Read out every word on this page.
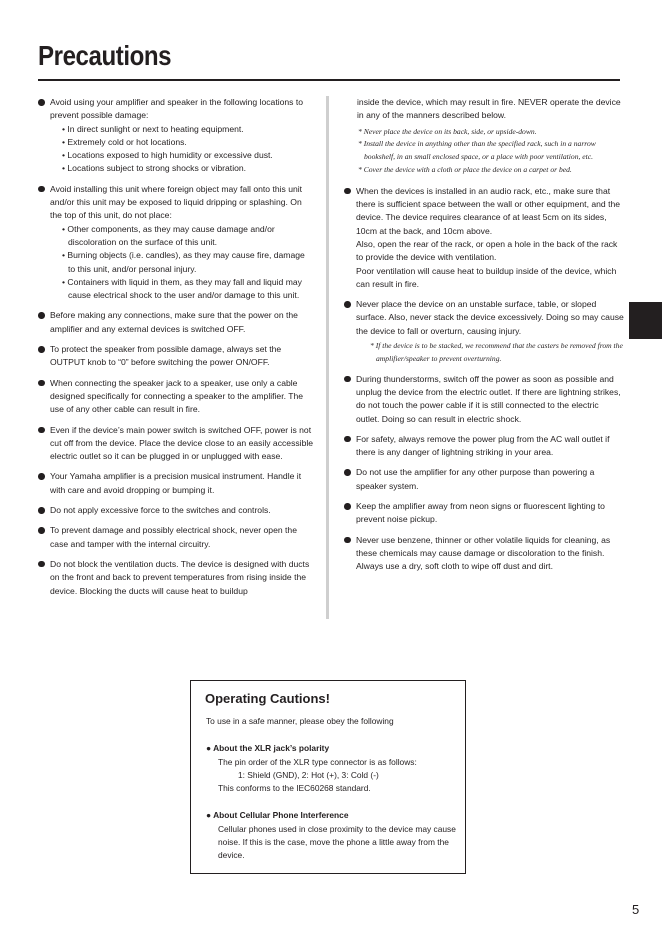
Precautions
Avoid using your amplifier and speaker in the following locations to prevent possible damage:
• In direct sunlight or next to heating equipment.
• Extremely cold or hot locations.
• Locations exposed to high humidity or excessive dust.
• Locations subject to strong shocks or vibration.
Avoid installing this unit where foreign object may fall onto this unit and/or this unit may be exposed to liquid dripping or splashing. On the top of this unit, do not place:
• Other components, as they may cause damage and/or discoloration on the surface of this unit.
• Burning objects (i.e. candles), as they may cause fire, damage to this unit, and/or personal injury.
• Containers with liquid in them, as they may fall and liquid may cause electrical shock to the user and/or damage to this unit.
Before making any connections, make sure that the power on the amplifier and any external devices is switched OFF.
To protect the speaker from possible damage, always set the OUTPUT knob to “0” before switching the power ON/OFF.
When connecting the speaker jack to a speaker, use only a cable designed specifically for connecting a speaker to the amplifier. The use of any other cable can result in fire.
Even if the device’s main power switch is switched OFF, power is not cut off from the device. Place the device close to an easily accessible electric outlet so it can be plugged in or unplugged with ease.
Your Yamaha amplifier is a precision musical instrument. Handle it with care and avoid dropping or bumping it.
Do not apply excessive force to the switches and controls.
To prevent damage and possibly electrical shock, never open the case and tamper with the internal circuitry.
Do not block the ventilation ducts. The device is designed with ducts on the front and back to prevent temperatures from rising inside the device. Blocking the ducts will cause heat to buildup
inside the device, which may result in fire. NEVER operate the device in any of the manners described below.
* Never place the device on its back, side, or upside-down.
* Install the device in anything other than the specified rack, such in a narrow bookshelf, in an small enclosed space, or a place with poor ventilation, etc.
* Cover the device with a cloth or place the device on a carpet or bed.
When the devices is installed in an audio rack, etc., make sure that there is sufficient space between the wall or other equipment, and the device. The device requires clearance of at least 5cm on its sides, 10cm at the back, and 10cm above.
Also, open the rear of the rack, or open a hole in the back of the rack to provide the device with ventilation.
Poor ventilation will cause heat to buildup inside of the device, which can result in fire.
Never place the device on an unstable surface, table, or sloped surface. Also, never stack the device excessively. Doing so may cause the device to fall or overturn, causing injury.
* If the device is to be stacked, we recommend that the casters be removed from the amplifier/speaker to prevent overturning.
During thunderstorms, switch off the power as soon as possible and unplug the device from the electric outlet. If there are lightning strikes, do not touch the power cable if it is still connected to the electric outlet. Doing so can result in electric shock.
For safety, always remove the power plug from the AC wall outlet if there is any danger of lightning striking in your area.
Do not use the amplifier for any other purpose than powering a speaker system.
Keep the amplifier away from neon signs or fluorescent lighting to prevent noise pickup.
Never use benzene, thinner or other volatile liquids for cleaning, as these chemicals may cause damage or discoloration to the finish. Always use a dry, soft cloth to wipe off dust and dirt.
Operating Cautions!
To use in a safe manner, please obey the following
● About the XLR jack’s polarity
The pin order of the XLR type connector is as follows:
1: Shield (GND), 2: Hot (+), 3: Cold (-)
This conforms to the IEC60268 standard.
● About Cellular Phone Interference
Cellular phones used in close proximity to the device may cause noise. If this is the case, move the phone a little away from the device.
5
